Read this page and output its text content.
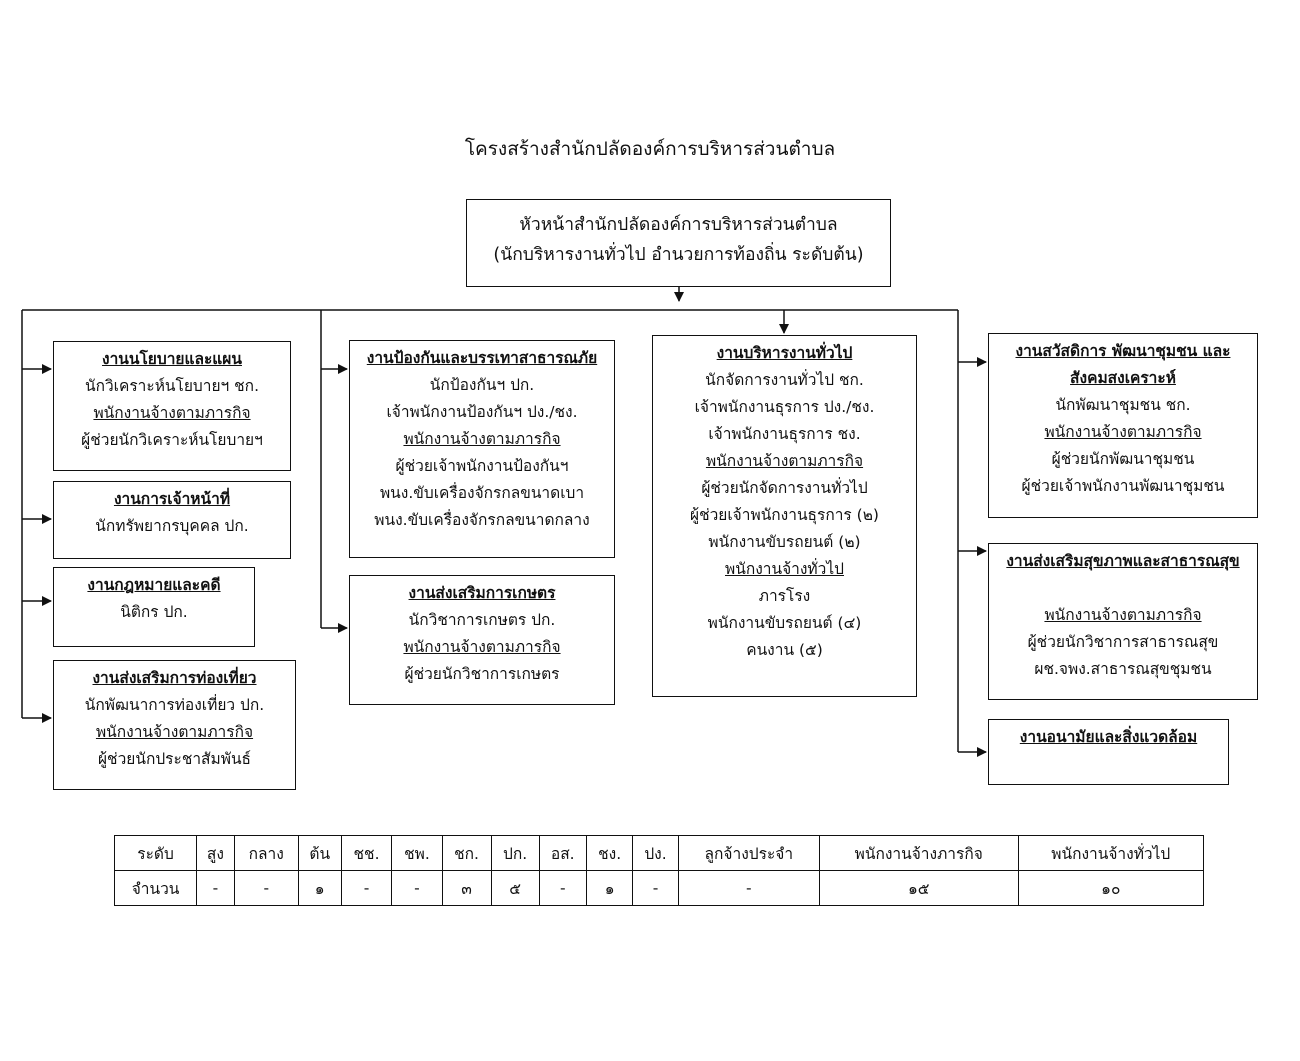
โครงสร้างสำนักปลัดองค์การบริหารส่วนตำบล
หัวหน้าสำนักปลัดองค์การบริหารส่วนตำบล
(นักบริหารงานทั่วไป อำนวยการท้องถิ่น ระดับต้น)
งานนโยบายและแผน
นักวิเคราะห์นโยบายฯ ชก.
พนักงานจ้างตามภารกิจ
ผู้ช่วยนักวิเคราะห์นโยบายฯ
งานการเจ้าหน้าที่
นักทรัพยากรบุคคล ปก.
งานกฎหมายและคดี
นิติกร ปก.
งานส่งเสริมการท่องเที่ยว
นักพัฒนาการท่องเที่ยว ปก.
พนักงานจ้างตามภารกิจ
ผู้ช่วยนักประชาสัมพันธ์
งานป้องกันและบรรเทาสาธารณภัย
นักป้องกันฯ ปก.
เจ้าพนักงานป้องกันฯ ปง./ชง.
พนักงานจ้างตามภารกิจ
ผู้ช่วยเจ้าพนักงานป้องกันฯ
พนง.ขับเครื่องจักรกลขนาดเบา
พนง.ขับเครื่องจักรกลขนาดกลาง
งานส่งเสริมการเกษตร
นักวิชาการเกษตร ปก.
พนักงานจ้างตามภารกิจ
ผู้ช่วยนักวิชาการเกษตร
งานบริหารงานทั่วไป
นักจัดการงานทั่วไป ชก.
เจ้าพนักงานธุรการ ปง./ชง.
เจ้าพนักงานธุรการ ชง.
พนักงานจ้างตามภารกิจ
ผู้ช่วยนักจัดการงานทั่วไป
ผู้ช่วยเจ้าพนักงานธุรการ (๒)
พนักงานขับรถยนต์ (๒)
พนักงานจ้างทั่วไป
ภารโรง
พนักงานขับรถยนต์ (๔)
คนงาน (๕)
งานสวัสดิการ พัฒนาชุมชน และ
สังคมสงเคราะห์
นักพัฒนาชุมชน ชก.
พนักงานจ้างตามภารกิจ
ผู้ช่วยนักพัฒนาชุมชน
ผู้ช่วยเจ้าพนักงานพัฒนาชุมชน
งานส่งเสริมสุขภาพและสาธารณสุข
พนักงานจ้างตามภารกิจ
ผู้ช่วยนักวิชาการสาธารณสุข
ผช.จพง.สาธารณสุขชุมชน
งานอนามัยและสิ่งแวดล้อม
ระดับ	สูง	กลาง	ต้น	ชช.	ชพ.	ชก.	ปก.	อส.	ชง.	ปง.	ลูกจ้างประจำ	พนักงานจ้างภารกิจ	พนักงานจ้างทั่วไป
จำนวน	-	-	๑	-	-	๓	๕	-	๑	-	-	๑๕	๑๐
